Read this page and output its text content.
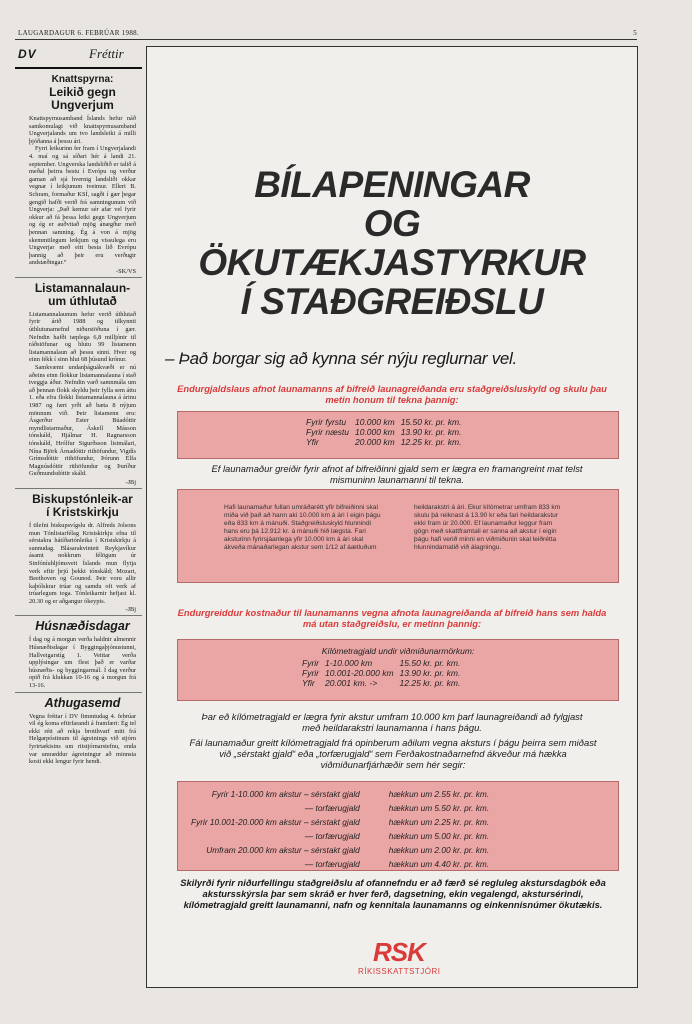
LAUGARDAGUR 6. FEBRÚAR 1988.	5
DV	Fréttir
Knattspyrna:
Leikið gegn Ungverjum

Knattspyrnusamband Íslands hefur náð samkomulagi við knattspyrnusamband Ungverjalands um tvo landsleiki á milli þjóðanna á þessu ári.

Fyrri leikurinn fer fram í Ungverjalandi 4. maí og sá síðari hér á landi 21. september. Ungverska landsliðið er talið á meðal þeirra bestu í Evrópu og verður gaman að sjá hvernig landsliði okkar vegnar í leikjunum tveimur. Ellert B. Schram, formaður KSÍ, sagði í gær þegar gengið hafði verið frá samningunum við Ungverja: „Það kemur sér afar vel fyrir okkur að fá þessa leiki gegn Ungverjum og ég er auðvitað mjög ánægður með þennan samning. Ég á von á mjög skemmtilegum leikjum og vissulega eru Ungverjar með eitt besta lið Evrópu þannig að þeir eru verðugir andstæðingar.“

-SK/VS
Listamannalaun-um úthlutað

Listamannalaunum hefur verið úthlutað fyrir árið 1988 og tilkynnti úthlutunarnefnd niðurstöðuna í gær. Nefndin hafði tæplega 6,8 milljónir til ráðstöfunar og hlutu 99 listamenn listamannalaun að þessu sinni. Hver og einn fékk í sinn hlut 68 þúsund krónur.

Samkvæmt undanþáguákvæði er nú aðeins einn flokkur listamannalauna í stað tveggja áður. Nefndin varð samnmála um að þennan flokk skyldu þeir fylla sem áttu 1. eða efra flokki listamannalauna á árinu 1987 og fært yrði að bæta 8 nýjum mönnum við. Þeir listamenn eru: Ásgerður Ester Búadóttir myndlistarmaður, Áskell Másson tónskáld, Hjálmar H. Ragnarsson tónskáld, Hrólfur Sigurðsson listmálari, Nína Björk Árnadóttir rithöfundur, Vigdís Grímsdóttir rithöfundur, Þórunn Elfa Magnúsdóttir rithöfundur og Þuríður Guðmundsdóttir skáld.

-JBj
Biskupstónleik-ar í Kristskirkju

Í tilefni biskupsvígslu dr. Alfreds Jolsons mun Tónlistarfélag Kristskirkju efna til sérstakra hátíðartónleika í Kristskirkju á sunnudag. Blásarakvintett Reykjavíkur ásamt nokkrum félögum úr Sinfóníuhljómsveit Íslands mun flytja verk eftir þrjú þekkt tónskáld; Mozart, Beethoven og Gounod. Þeir voru allir kaþólskrar trúar og samdu oft verk af trúarlegum toga. Tónleikarnir hefjast kl. 20.30 og er aðgangur ókeypis.

-JBj
Húsnæðisdagar

Í dag og á morgun verða haldnir almennir Húsnæðisdagar í Byggingaþjónustunni, Hallveigarstíg 1. Veittar verða upplýsingar um flest það er varðar húsnæðis- og byggingarmál. Í dag verður opið frá klukkan 10-16 og á morgun frá 13-16.

Athugasemd

Vegna fréttar í DV fimmtudag 4. febrúar vil ég koma eftirfarandi á framfæri: Ég tel ekki rétt að rekja brotthvarf mitt frá Helgarpóstinum til ágreinings við stjórn fyrirtækisins um ritstjórnarstefnu, enda var umræddur ágreiningur að minnsta kosti ekki lengur fyrir hendi.

BÍLAPENINGAR
OG
ÖKUTÆKJASTYRKUR
Í STAÐGREIÐSLU
– Það borgar sig að kynna sér nýju reglurnar vel.
Endurgjaldslaus afnot launamanns af bifreið launagreiðanda eru staðgreiðsluskyld og skulu þau metin honum til tekna þannig:
Fyrir fyrstu	10.000 km	15.50 kr. pr. km.
Fyrir næstu	10.000 km	13.90 kr. pr. km.
Yfir	20.000 km	12.25 kr. pr. km.
Ef launamaður greiðir fyrir afnot af bifreiðinni gjald sem er lægra en framangreint mat telst mismuninn launamanni til tekna.
Hafi launamaður fullan umráðarétt yfir bifreiðinni skal miða við það að hann aki 10.000 km á ári í eigin þágu eða 833 km á mánuði. Staðgreiðsluskyld hlunnindi hans eru þá 12.912 kr. á mánuði hið lægsta. Fari aksturinn fyrirsjáanlega yfir 10.000 km á ári skal ákveða mánaðarlegan akstur sem 1/12 af áætluðum
heildarakstri á ári. Ekur kílómetrar umfram 833 km skulu þá reiknast á 13.90 kr eða fari heildarakstur ekki fram úr 20.000. Ef launamaður leggur fram gögn með skattframtali er sanna að akstur í eigin þágu hafi verið minni en viðmiðunin skal leiðrétta hlunnindamatið við álagningu.
Endurgreiddur kostnaður til launamanns vegna afnota launagreiðanda af bifreið hans sem halda má utan staðgreiðslu, er metinn þannig:
Kílómetragjald undir viðmiðunarmörkum:
Fyrir	1-10.000 km	15.50 kr. pr. km.
Fyrir	10.001-20.000 km	13.90 kr. pr. km.
Yfir	20.001 km. ->	12.25 kr. pr. km.
Þar eð kílómetragjald er lægra fyrir akstur umfram 10.000 km þarf launagreiðandi að fylgjast með heildarakstri launamanna í hans þágu.
Fái launamaður greitt kílómetragjald frá opinberum aðilum vegna aksturs í þágu þeirra sem miðast við „sérstakt gjald“ eða „torfærugjald“ sem Ferðakostnaðarnefnd ákveður má hækka viðmiðunarfjárhæðir sem hér segir:
Fyrir 1-10.000 km akstur – sérstakt gjald	hækkun um 2.55 kr. pr. km.
— torfærugjald	hækkun um 5.50 kr. pr. km.
Fyrir 10.001-20.000 km akstur – sérstakt gjald	hækkun um 2.25 kr. pr. km.
— torfærugjald	hækkun um 5.00 kr. pr. km.
Umfram 20.000 km akstur – sérstakt gjald	hækkun um 2.00 kr. pr. km.
— torfærugjald	hækkun um 4.40 kr. pr. km.
Skilyrði fyrir niðurfellingu staðgreiðslu af ofannefndu er að færð sé regluleg akstursdagbók eða akstursskýrsla þar sem skráð er hver ferð, dagsetning, ekin vegalengd, akstursérindi, kílómetragjald greitt launamanni, nafn og kennitala launamanns og einkennisnúmer ökutækis.
RSK
RÍKISSKATTSTJÓRI
